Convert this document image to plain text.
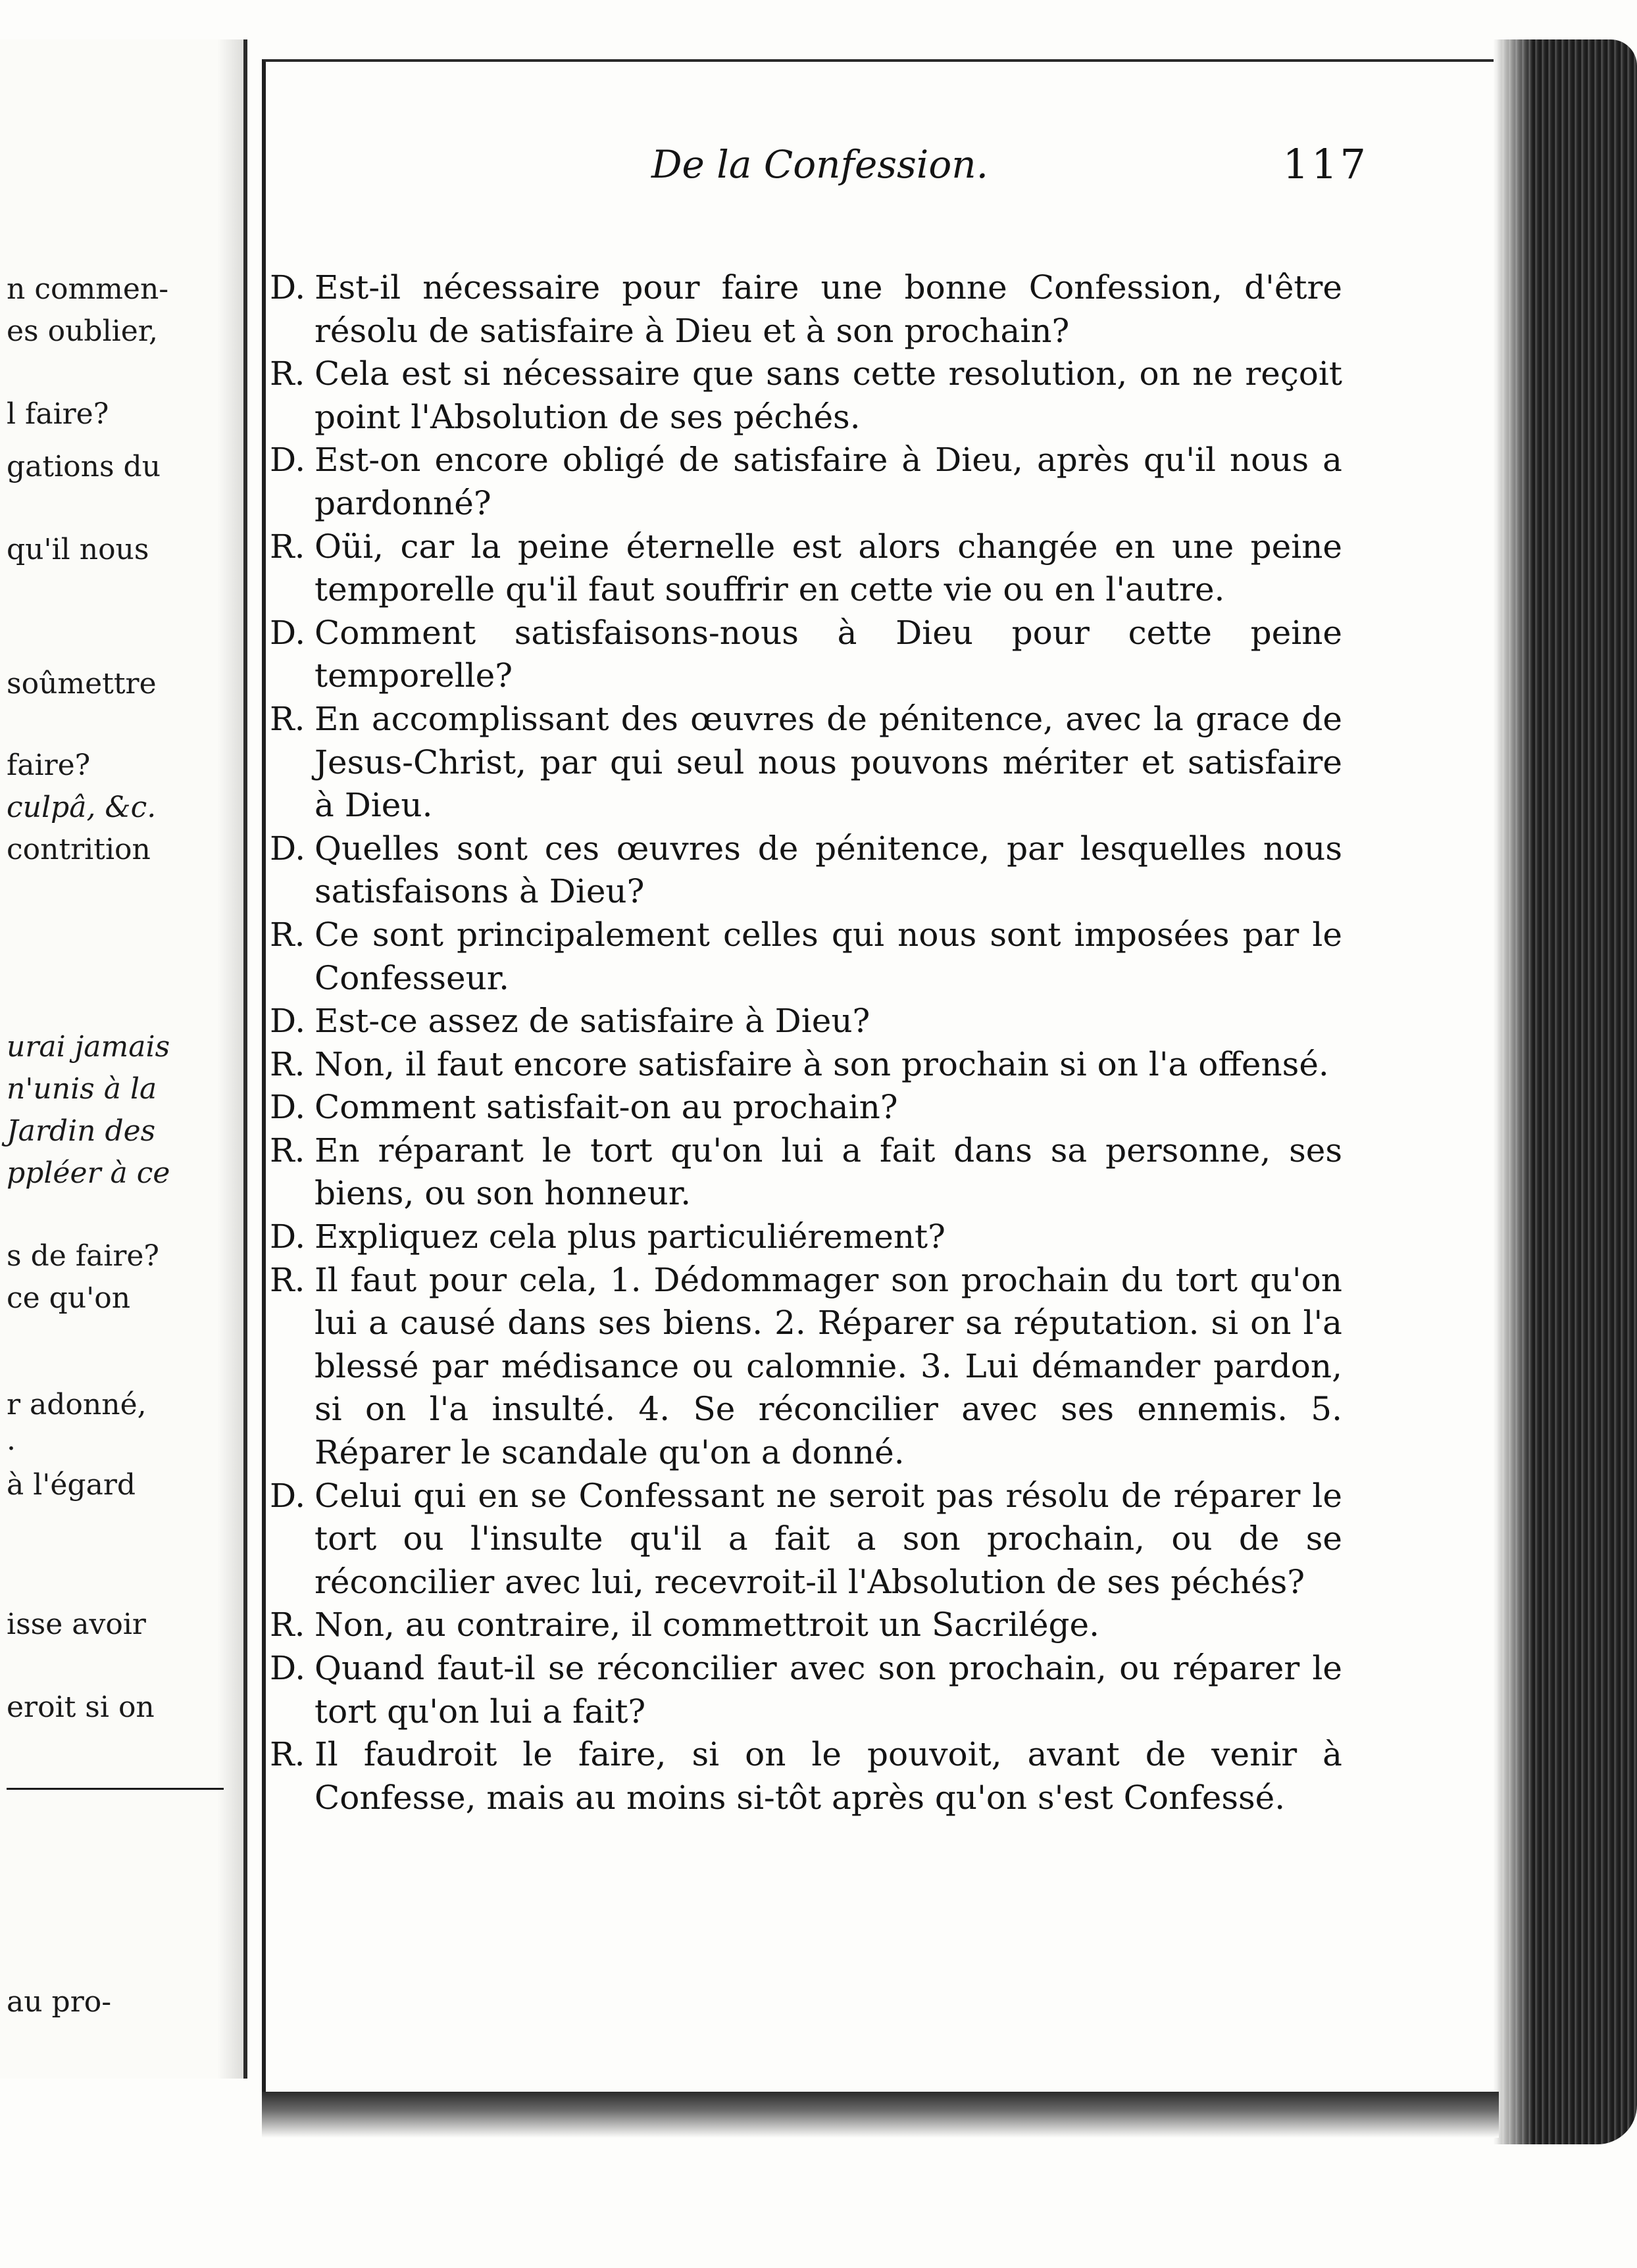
n commen-
es oublier,
l faire?
gations du
qu'il nous
soûmettre
faire?
culpâ, &c.
contrition
urai jamais
n'unis à la
Jardin des
ppléer à ce
s de faire?
ce qu'on
r adonné,
.
à l'égard
isse avoir
eroit si on
au pro-
De la Confession.	117
D. Est-il nécessaire pour faire une bonne Confession, d'être résolu de satisfaire à Dieu et à son prochain?
R. Cela est si nécessaire que sans cette resolution, on ne reçoit point l'Absolution de ses péchés.
D. Est-on encore obligé de satisfaire à Dieu, après qu'il nous a pardonné?
R. Oüi, car la peine éternelle est alors changée en une peine temporelle qu'il faut souffrir en cette vie ou en l'autre.
D. Comment satisfaisons-nous à Dieu pour cette peine temporelle?
R. En accomplissant des œuvres de pénitence, avec la grace de Jesus-Christ, par qui seul nous pouvons mériter et satisfaire à Dieu.
D. Quelles sont ces œuvres de pénitence, par lesquelles nous satisfaisons à Dieu?
R. Ce sont principalement celles qui nous sont imposées par le Confesseur.
D. Est-ce assez de satisfaire à Dieu?
R. Non, il faut encore satisfaire à son prochain si on l'a offensé.
D. Comment satisfait-on au prochain?
R. En réparant le tort qu'on lui a fait dans sa personne, ses biens, ou son honneur.
D. Expliquez cela plus particuliérement?
R. Il faut pour cela, 1. Dédommager son prochain du tort qu'on lui a causé dans ses biens. 2. Réparer sa réputation. si on l'a blessé par médisance ou calomnie. 3. Lui démander pardon, si on l'a insulté. 4. Se réconcilier avec ses ennemis. 5. Réparer le scandale qu'on a donné.
D. Celui qui en se Confessant ne seroit pas résolu de réparer le tort ou l'insulte qu'il a fait a son prochain, ou de se réconcilier avec lui, recevroit-il l'Absolution de ses péchés?
R. Non, au contraire, il commettroit un Sacrilége.
D. Quand faut-il se réconcilier avec son prochain, ou réparer le tort qu'on lui a fait?
R. Il faudroit le faire, si on le pouvoit, avant de venir à Confesse, mais au moins si-tôt après qu'on s'est Confessé.
